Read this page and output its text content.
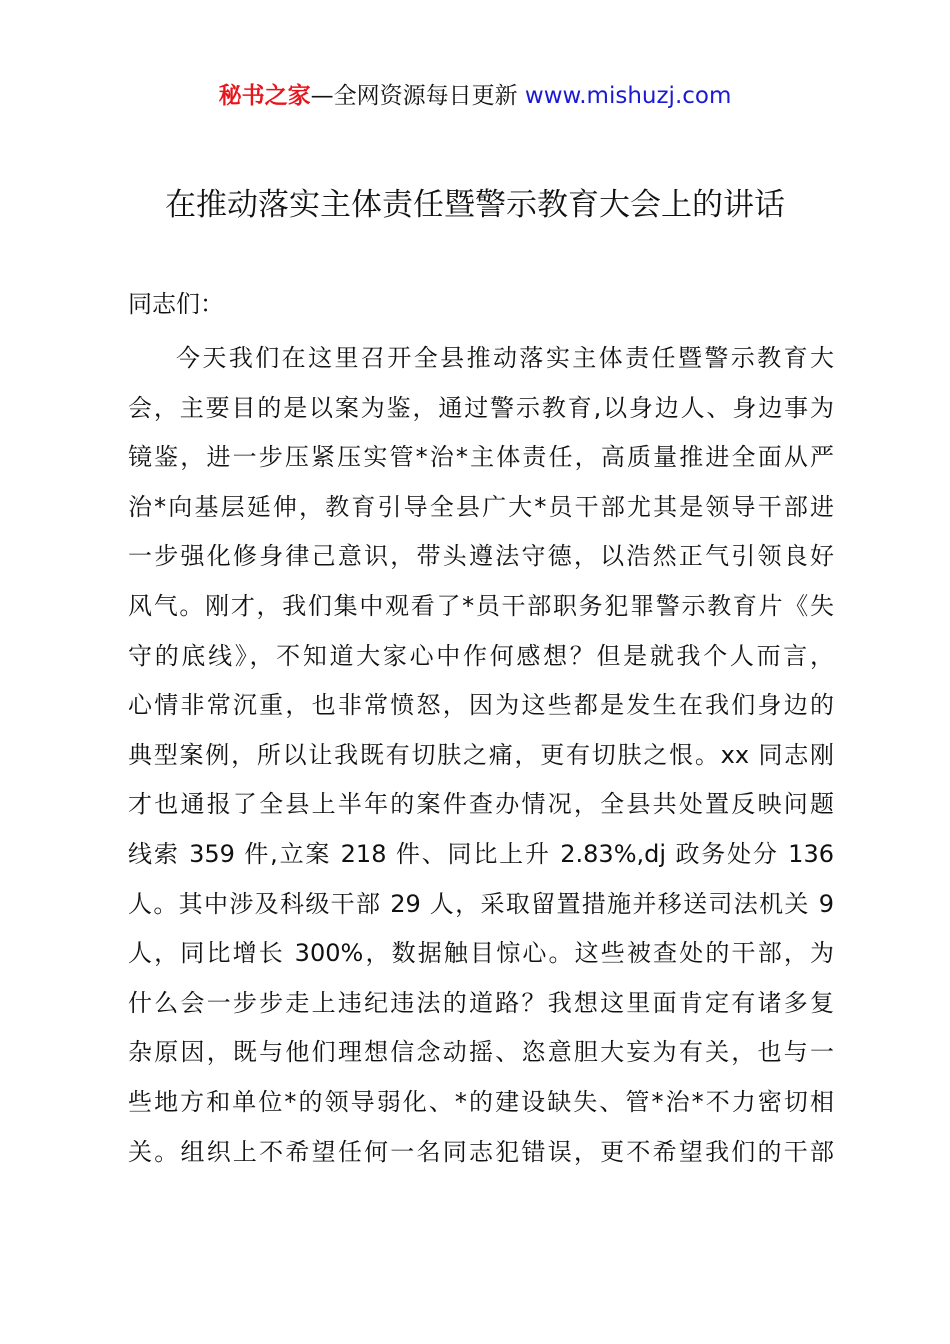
秘书之家—全网资源每日更新 www.mishuzj.com
在推动落实主体责任暨警示教育大会上的讲话
同志们：
今天我们在这里召开全县推动落实主体责任暨警示教育大
会，主要目的是以案为鉴，通过警示教育,以身边人、身边事为
镜鉴，进一步压紧压实管*治*主体责任，高质量推进全面从严
治*向基层延伸，教育引导全县广大*员干部尤其是领导干部进
一步强化修身律己意识，带头遵法守德，以浩然正气引领良好
风气。刚才，我们集中观看了*员干部职务犯罪警示教育片《失
守的底线》，不知道大家心中作何感想？但是就我个人而言，
心情非常沉重，也非常愤怒，因为这些都是发生在我们身边的
典型案例，所以让我既有切肤之痛，更有切肤之恨。xx 同志刚
才也通报了全县上半年的案件查办情况，全县共处置反映问题
线索 359 件,立案 218 件、同比上升 2.83%,dj 政务处分 136
人。其中涉及科级干部 29 人，采取留置措施并移送司法机关 9
人，同比增长 300%，数据触目惊心。这些被查处的干部，为
什么会一步步走上违纪违法的道路？我想这里面肯定有诸多复
杂原因，既与他们理想信念动摇、恣意胆大妄为有关，也与一
些地方和单位*的领导弱化、*的建设缺失、管*治*不力密切相
关。组织上不希望任何一名同志犯错误，更不希望我们的干部
